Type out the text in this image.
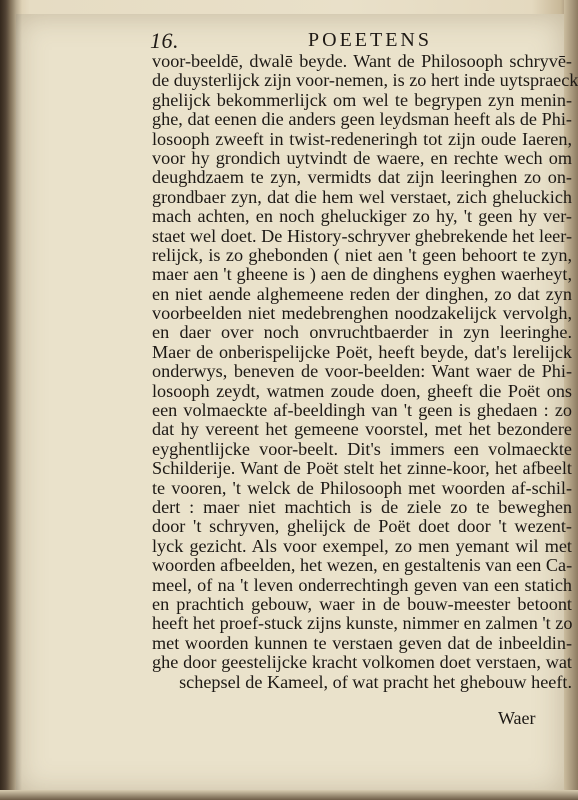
16.	POEETENS
voor-beeldē, dwalē beyde. Want de Philosooph schryvē-
de duysterlijck zijn voor-nemen, is zo hert inde uytspraeck
ghelijck bekommerlijck om wel te begrypen zyn menin-
ghe, dat eenen die anders geen leydsman heeft als de Phi-
losooph zweeft in twist-redeneringh tot zijn oude Iaeren,
voor hy grondich uytvindt de waere, en rechte wech om
deughdzaem te zyn, vermidts dat zijn leeringhen zo on-
grondbaer zyn, dat die hem wel verstaet, zich gheluckich
mach achten, en noch gheluckiger zo hy, 't geen hy ver-
staet wel doet. De History-schryver ghebrekende het leer-
relijck, is zo ghebonden ( niet aen 't geen behoort te zyn,
maer aen 't gheene is ) aen de dinghens eyghen waerheyt,
en niet aende alghemeene reden der dinghen, zo dat zyn
voorbeelden niet medebrenghen noodzakelijck vervolgh,
en daer over noch onvruchtbaerder in zyn leeringhe.
Maer de onberispelijcke Poët, heeft beyde, dat's lerelijck
onderwys, beneven de voor-beelden: Want waer de Phi-
losooph zeydt, watmen zoude doen, gheeft die Poët ons
een volmaeckte af-beeldingh van 't geen is ghedaen : zo
dat hy vereent het gemeene voorstel, met het bezondere
eyghentlijcke voor-beelt. Dit's immers een volmaeckte
Schilderije. Want de Poët stelt het zinne-koor, het afbeelt
te vooren, 't welck de Philosooph met woorden af-schil-
dert : maer niet machtich is de ziele zo te beweghen
door 't schryven, ghelijck de Poët doet door 't wezent-
lyck gezicht. Als voor exempel, zo men yemant wil met
woorden afbeelden, het wezen, en gestaltenis van een Ca-
meel, of na 't leven onderrechtingh geven van een statich
en prachtich gebouw, waer in de bouw-meester betoont
heeft het proef-stuck zijns kunste, nimmer en zalmen 't zo
met woorden kunnen te verstaen geven dat de inbeeldin-
ghe door geestelijcke kracht volkomen doet verstaen, wat
schepsel de Kameel, of wat pracht het ghebouw heeft.
Waer
